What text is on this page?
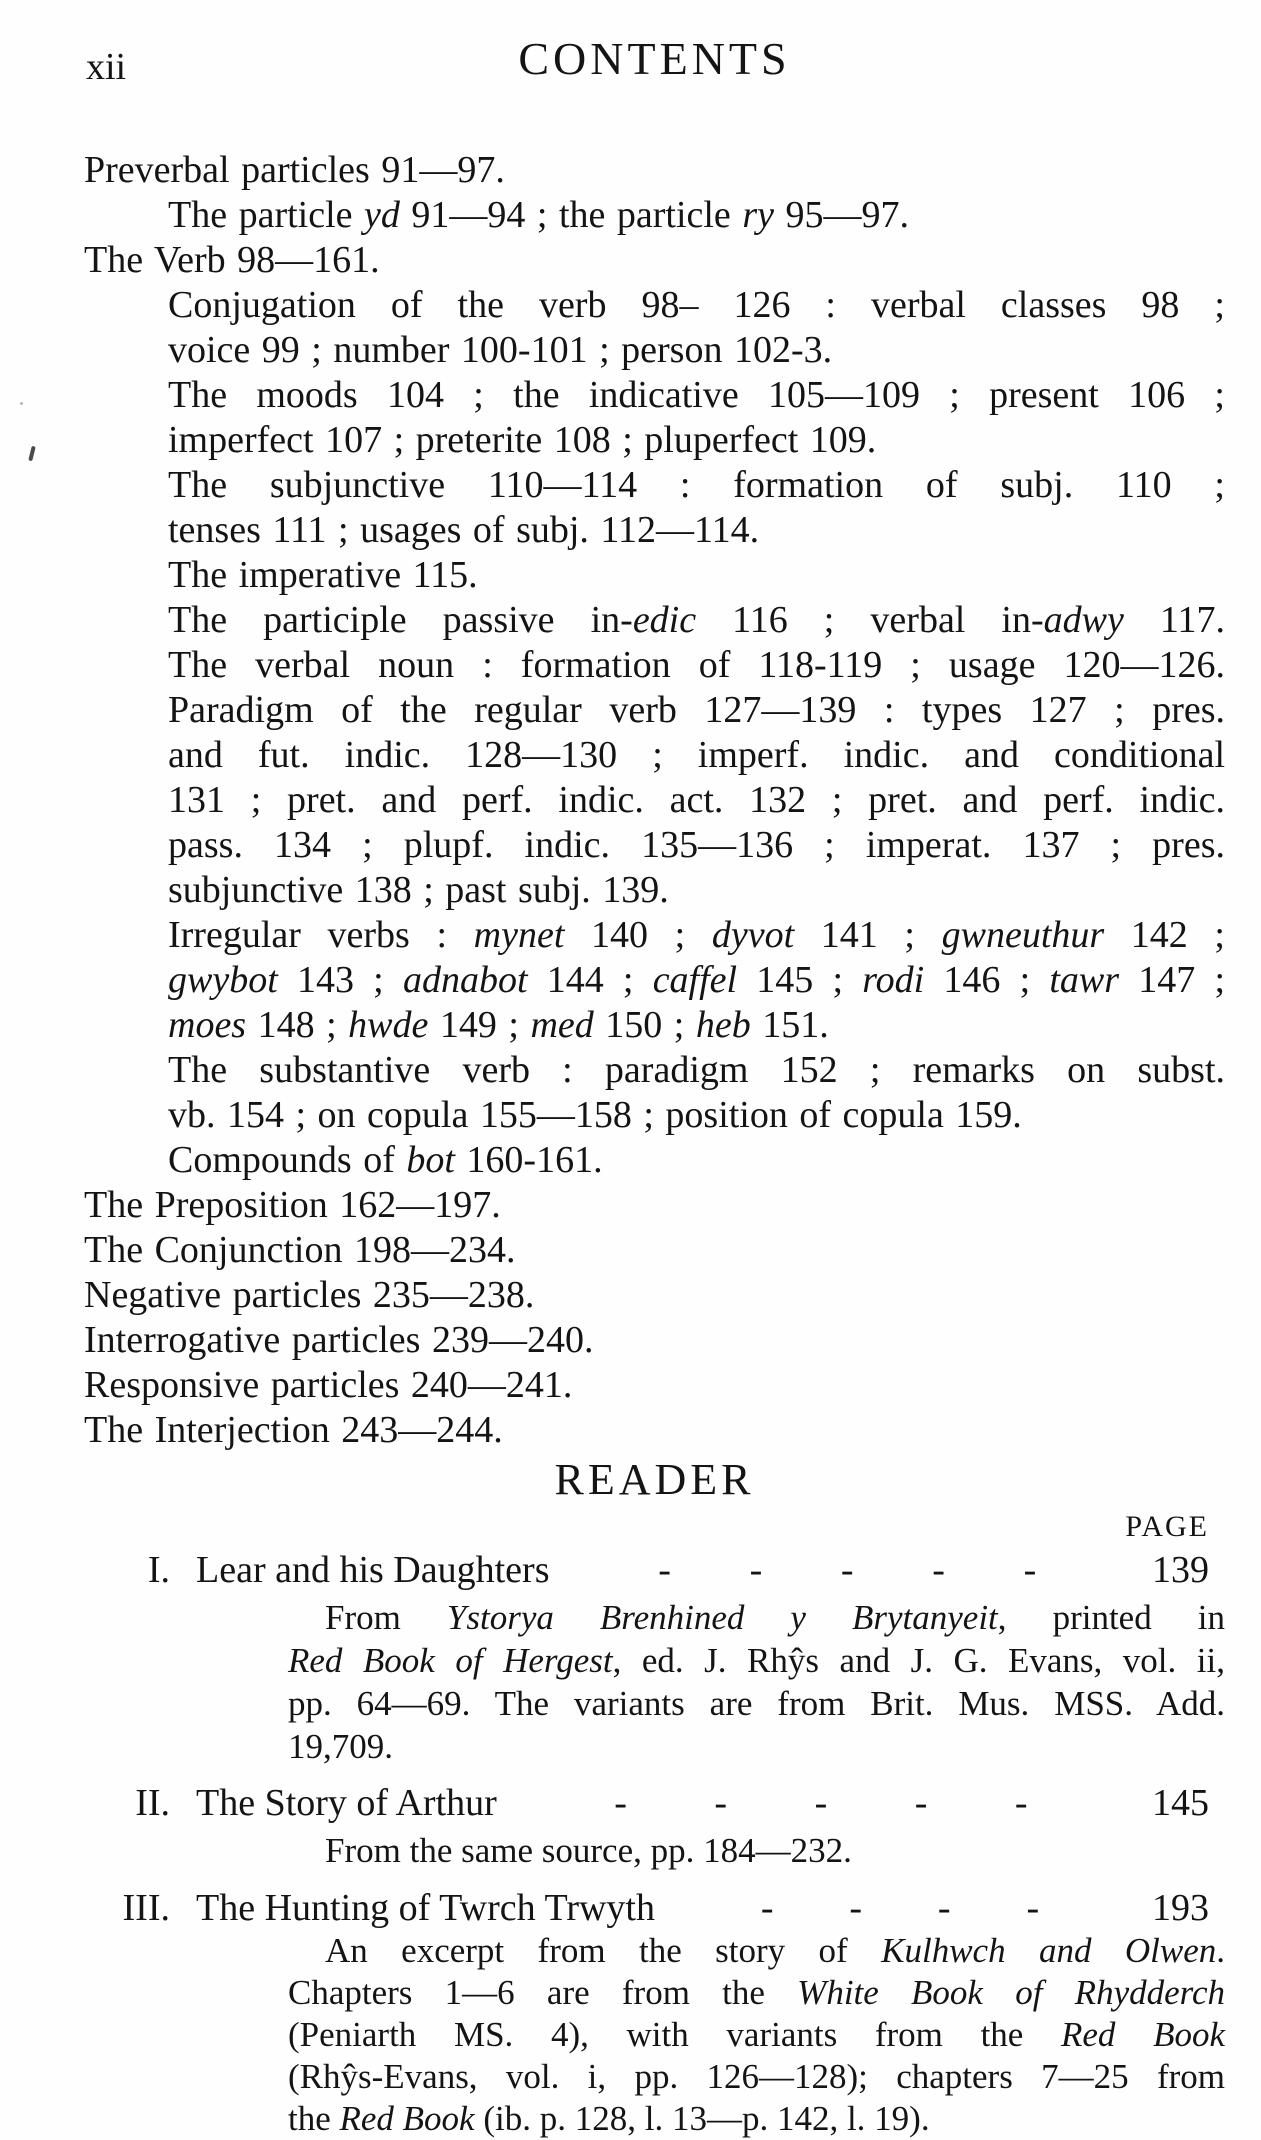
xii	CONTENTS
Preverbal particles 91—97.
The particle yd 91—94 ; the particle ry 95—97.
The Verb 98—161.
Conjugation of the verb 98– 126 : verbal classes 98 ;
voice 99 ; number 100-101 ; person 102-3.
The moods 104 ; the indicative 105—109 ; present 106 ;
imperfect 107 ; preterite 108 ; pluperfect 109.
The subjunctive 110—114 : formation of subj. 110 ;
tenses 111 ; usages of subj. 112—114.
The imperative 115.
The participle passive in-edic 116 ; verbal in-adwy 117.
The verbal noun : formation of 118-119 ; usage 120—126.
Paradigm of the regular verb 127—139 : types 127 ; pres.
and fut. indic. 128—130 ; imperf. indic. and conditional
131 ; pret. and perf. indic. act. 132 ; pret. and perf. indic.
pass. 134 ; plupf. indic. 135—136 ; imperat. 137 ; pres.
subjunctive 138 ; past subj. 139.
Irregular verbs : mynet 140 ; dyvot 141 ; gwneuthur 142 ;
gwybot 143 ; adnabot 144 ; caffel 145 ; rodi 146 ; tawr 147 ;
moes 148 ; hwde 149 ; med 150 ; heb 151.
The substantive verb : paradigm 152 ; remarks on subst.
vb. 154 ; on copula 155—158 ; position of copula 159.
Compounds of bot 160-161.
The Preposition 162—197.
The Conjunction 198—234.
Negative particles 235—238.
Interrogative particles 239—240.
Responsive particles 240—241.
The Interjection 243—244.
READER
PAGE
I. Lear and his Daughters	- - - - -	139
From Ystorya Brenhined y Brytanyeit, printed in
Red Book of Hergest, ed. J. Rhŷs and J. G. Evans, vol. ii,
pp. 64—69. The variants are from Brit. Mus. MSS. Add.
19,709.
II. The Story of Arthur	- - - - -	145
From the same source, pp. 184—232.
III. The Hunting of Twrch Trwyth	- - - -	193
An excerpt from the story of Kulhwch and Olwen.
Chapters 1—6 are from the White Book of Rhydderch
(Peniarth MS. 4), with variants from the Red Book
(Rhŷs-Evans, vol. i, pp. 126—128); chapters 7—25 from
the Red Book (ib. p. 128, l. 13—p. 142, l. 19).
